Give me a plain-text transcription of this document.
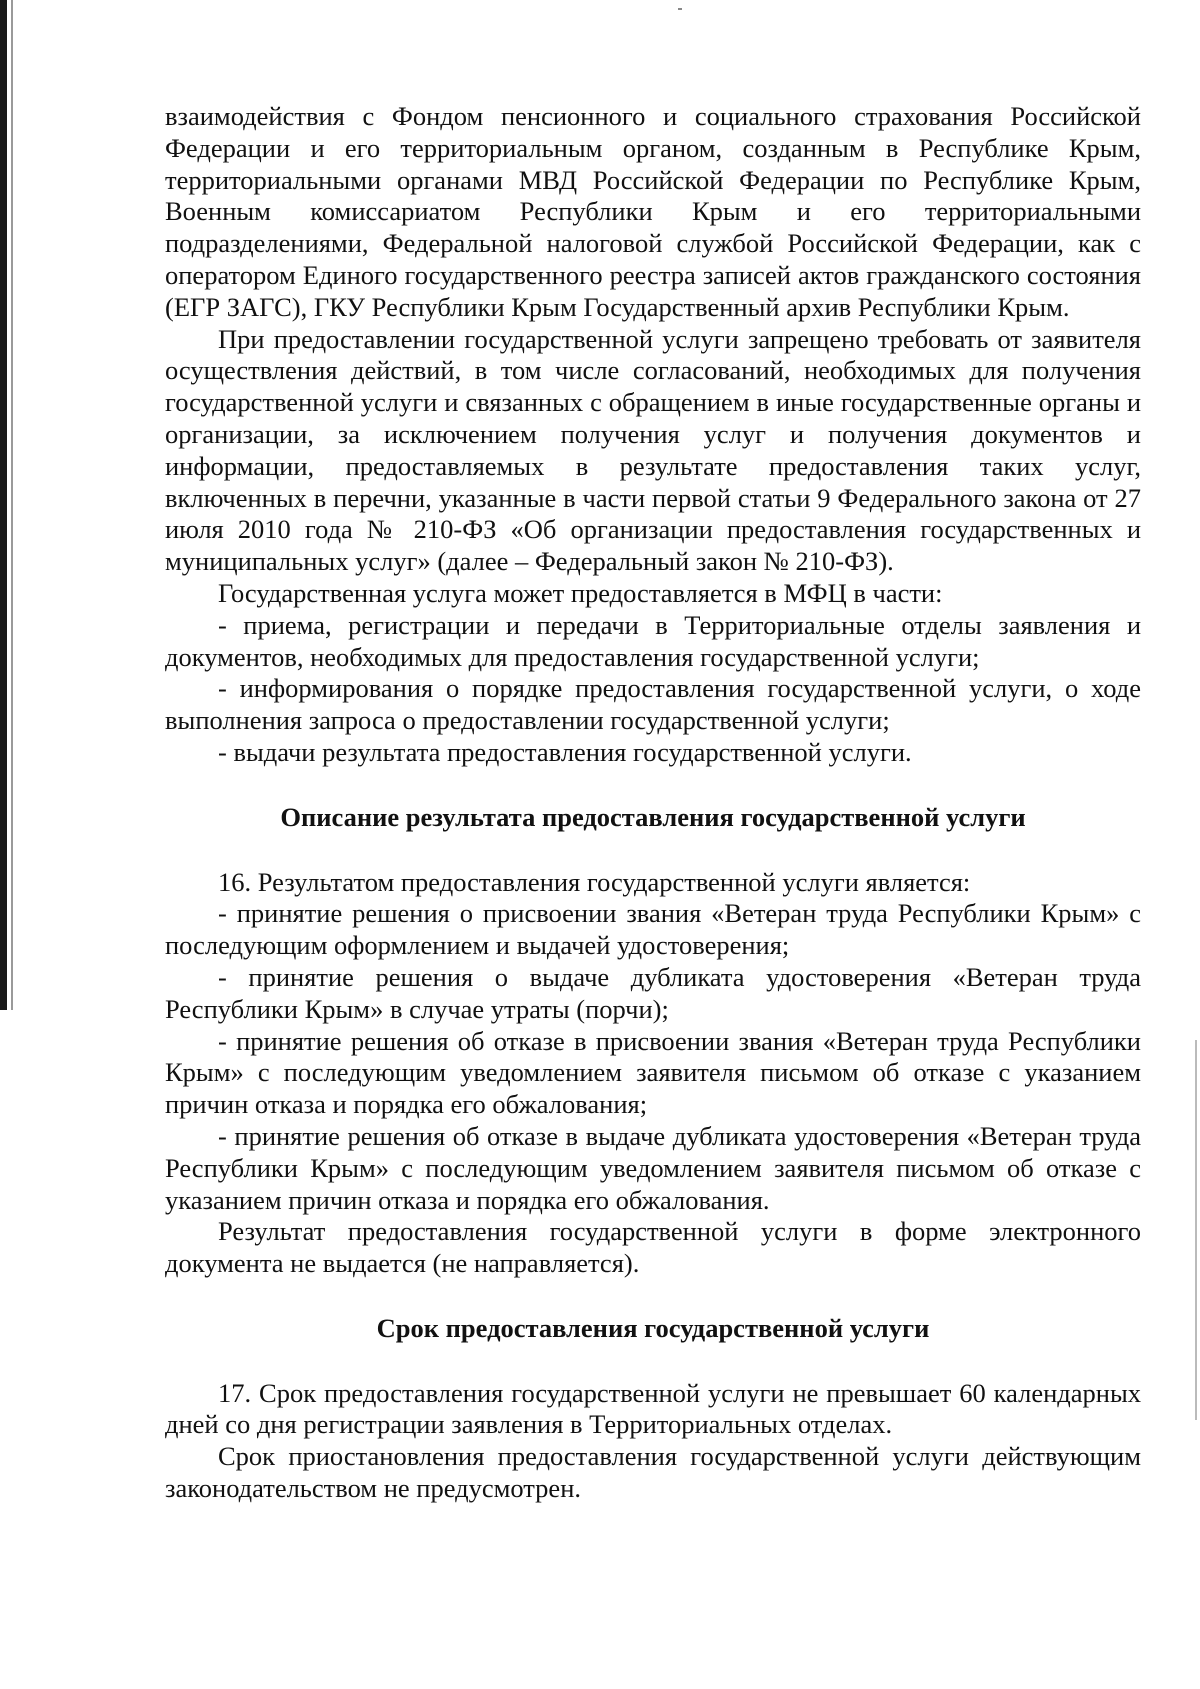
взаимодействия с Фондом пенсионного и социального страхования Российской Федерации и его территориальным органом, созданным в Республике Крым, территориальными органами МВД Российской Федерации по Республике Крым, Военным комиссариатом Республики Крым и его территориальными подразделениями, Федеральной налоговой службой Российской Федерации, как с оператором Единого государственного реестра записей актов гражданского состояния (ЕГР ЗАГС), ГКУ Республики Крым Государственный архив Республики Крым.

При предоставлении государственной услуги запрещено требовать от заявителя осуществления действий, в том числе согласований, необходимых для получения государственной услуги и связанных с обращением в иные государственные органы и организации, за исключением получения услуг и получения документов и информации, предоставляемых в результате предоставления таких услуг, включенных в перечни, указанные в части первой статьи 9 Федерального закона от 27 июля 2010 года № 210-ФЗ «Об организации предоставления государственных и муниципальных услуг» (далее – Федеральный закон № 210-ФЗ).

Государственная услуга может предоставляется в МФЦ в части:

- приема, регистрации и передачи в Территориальные отделы заявления и документов, необходимых для предоставления государственной услуги;

- информирования о порядке предоставления государственной услуги, о ходе выполнения запроса о предоставлении государственной услуги;

- выдачи результата предоставления государственной услуги.

Описание результата предоставления государственной услуги

16. Результатом предоставления государственной услуги является:

- принятие решения о присвоении звания «Ветеран труда Республики Крым» с последующим оформлением и выдачей удостоверения;

- принятие решения о выдаче дубликата удостоверения «Ветеран труда Республики Крым» в случае утраты (порчи);

- принятие решения об отказе в присвоении звания «Ветеран труда Республики Крым» с последующим уведомлением заявителя письмом об отказе с указанием причин отказа и порядка его обжалования;

- принятие решения об отказе в выдаче дубликата удостоверения «Ветеран труда Республики Крым» с последующим уведомлением заявителя письмом об отказе с указанием причин отказа и порядка его обжалования.

Результат предоставления государственной услуги в форме электронного документа не выдается (не направляется).

Срок предоставления государственной услуги

17. Срок предоставления государственной услуги не превышает 60 календарных дней со дня регистрации заявления в Территориальных отделах.

Срок приостановления предоставления государственной услуги действующим законодательством не предусмотрен.
